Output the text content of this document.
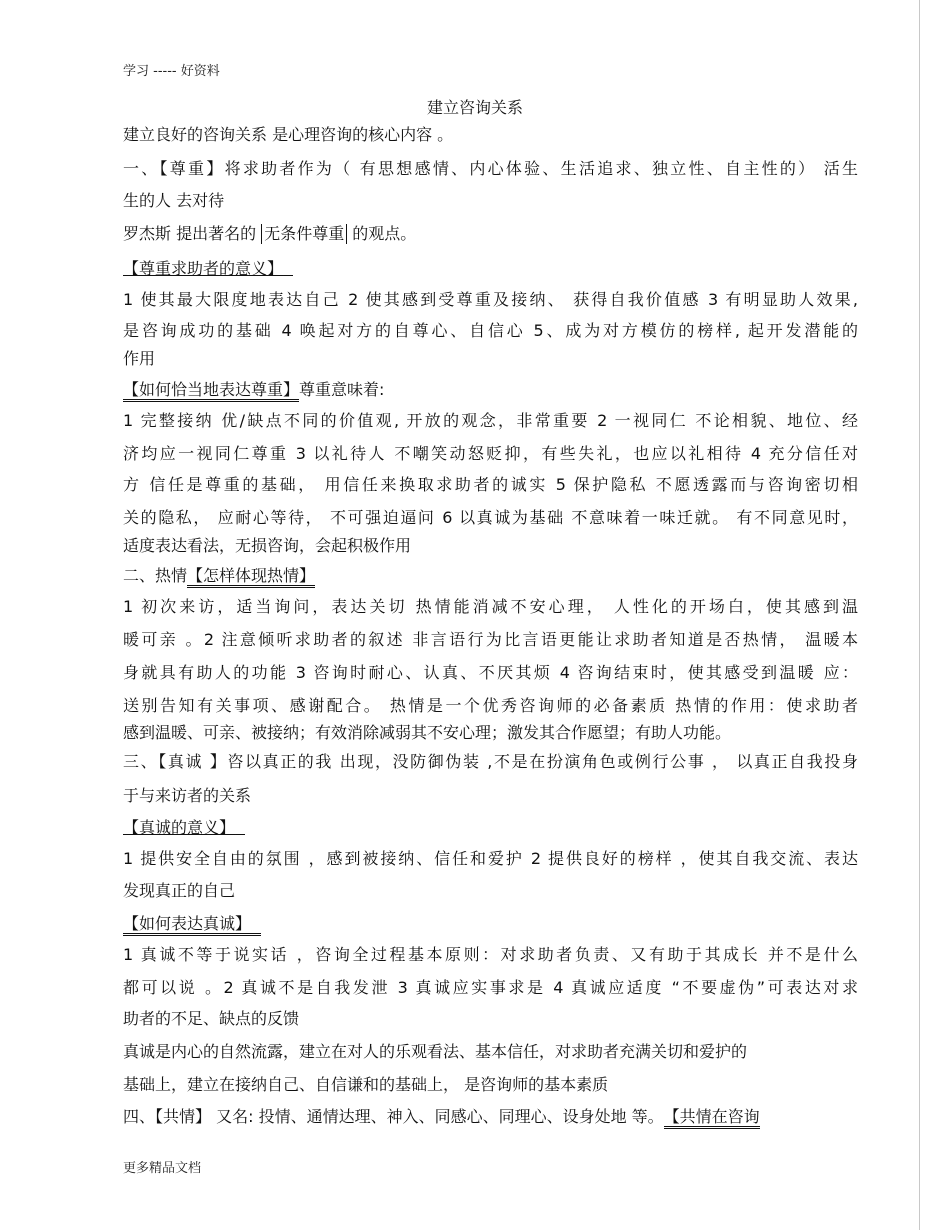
学习 ----- 好资料
建立咨询关系
建立良好的咨询关系 是心理咨询的核心内容 。
一、【尊重】将求助者作为（ 有思想感情、内心体验、生活追求、独立性、自主性的） 活生
生的人 去对待
罗杰斯 提出著名的 无条件尊重 的观点。
【尊重求助者的意义】
1 使其最大限度地表达自己 2 使其感到受尊重及接纳、 获得自我价值感 3 有明显助人效果,
是咨询成功的基础 4 唤起对方的自尊心、自信心 5、成为对方模仿的榜样, 起开发潜能的
作用
【如何恰当地表达尊重】尊重意味着:
1 完整接纳 优/缺点不同的价值观, 开放的观念，非常重要 2 一视同仁 不论相貌、地位、经
济均应一视同仁尊重 3 以礼待人 不嘲笑动怒贬抑，有些失礼，也应以礼相待 4 充分信任对
方 信任是尊重的基础， 用信任来换取求助者的诚实 5 保护隐私 不愿透露而与咨询密切相
关的隐私， 应耐心等待， 不可强迫逼问 6 以真诚为基础 不意味着一味迁就。 有不同意见时，
适度表达看法，无损咨询，会起积极作用
二、热情【怎样体现热情】
1 初次来访，适当询问，表达关切 热情能消减不安心理， 人性化的开场白，使其感到温
暖可亲 。2 注意倾听求助者的叙述 非言语行为比言语更能让求助者知道是否热情， 温暖本
身就具有助人的功能 3 咨询时耐心、认真、不厌其烦 4 咨询结束时，使其感受到温暖 应：
送别告知有关事项、感谢配合。 热情是一个优秀咨询师的必备素质 热情的作用：使求助者
感到温暖、可亲、被接纳；有效消除减弱其不安心理；激发其合作愿望；有助人功能。
三、【真诚 】咨以真正的我 出现，没防御伪装 ,不是在扮演角色或例行公事 ， 以真正自我投身
于与来访者的关系
【真诚的意义】
1 提供安全自由的氛围 ，感到被接纳、信任和爱护 2 提供良好的榜样 ，使其自我交流、表达
发现真正的自己
【如何表达真诚】
1 真诚不等于说实话 ，咨询全过程基本原则：对求助者负责、又有助于其成长 并不是什么
都可以说 。2 真诚不是自我发泄 3 真诚应实事求是 4 真诚应适度 “不要虚伪”可表达对求
助者的不足、缺点的反馈
真诚是内心的自然流露，建立在对人的乐观看法、基本信任，对求助者充满关切和爱护的
基础上，建立在接纳自己、自信谦和的基础上， 是咨询师的基本素质
四、【共情】 又名: 投情、通情达理、神入、同感心、同理心、设身处地 等。【共情在咨询
更多精品文档
